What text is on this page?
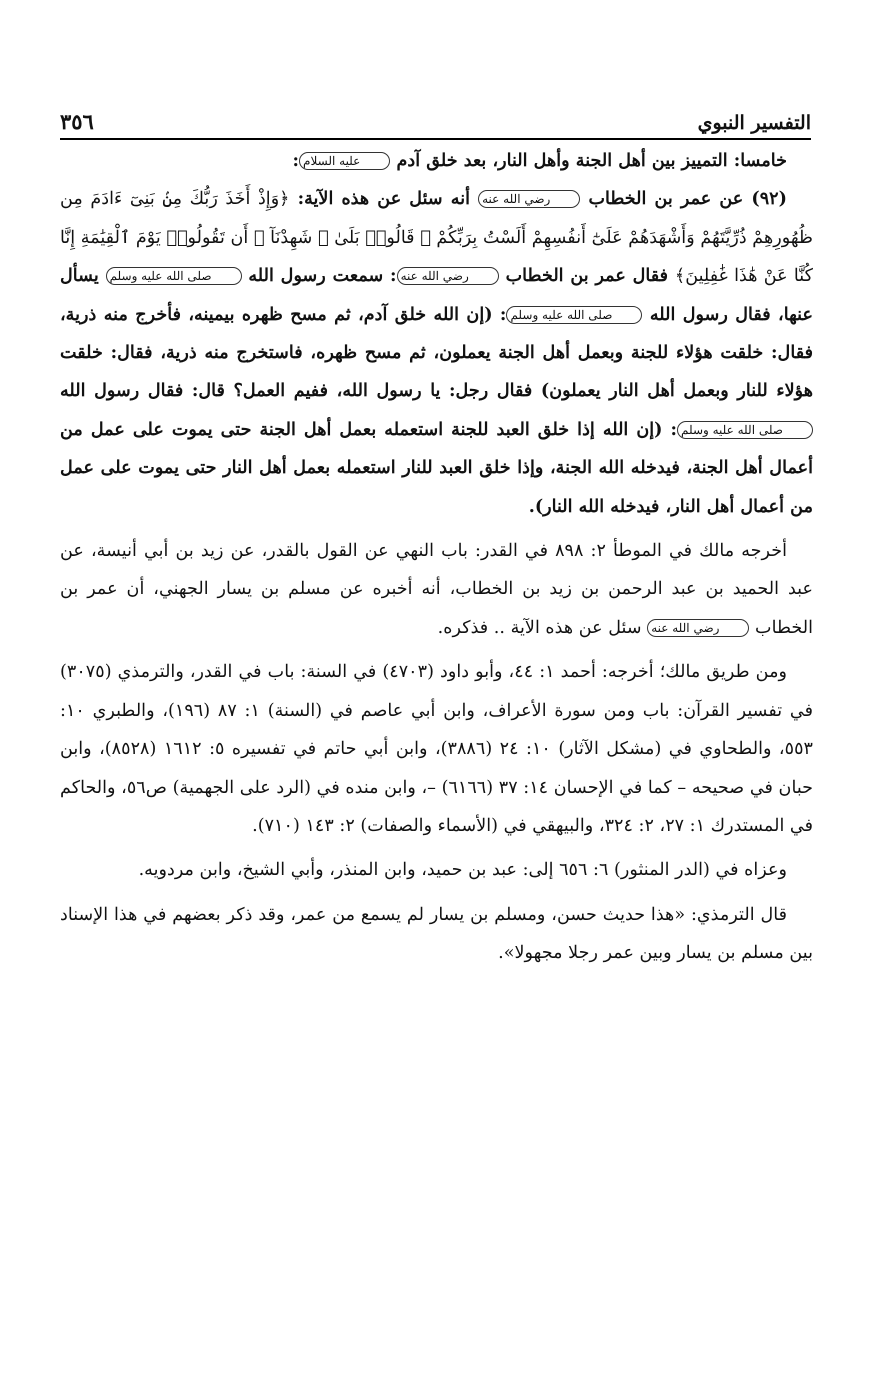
التفسير النبوي
٣٥٦

خامسا: التمييز بين أهل الجنة وأهل النار، بعد خلق آدم عليه السلام:

(٩٢) عن عمر بن الخطاب رضي الله عنه أنه سئل عن هذه الآية: ﴿وَإِذْ أَخَذَ رَبُّكَ مِنۢ بَنِىٓ ءَادَمَ مِن ظُهُورِهِمْ ذُرِّيَّتَهُمْ وَأَشْهَدَهُمْ عَلَىٰٓ أَنفُسِهِمْ أَلَسْتُ بِرَبِّكُمْ ۖ قَالُوا۟ بَلَىٰ ۛ شَهِدْنَآ ۛ أَن تَقُولُوا۟ يَوْمَ ٱلْقِيَٰمَةِ إِنَّا كُنَّا عَنْ هَٰذَا غَٰفِلِينَ﴾ فقال عمر بن الخطاب رضي الله عنه: سمعت رسول الله صلى الله عليه وسلم يسأل عنها، فقال رسول الله صلى الله عليه وسلم: (إن الله خلق آدم، ثم مسح ظهره بيمينه، فأخرج منه ذرية، فقال: خلقت هؤلاء للجنة وبعمل أهل الجنة يعملون، ثم مسح ظهره، فاستخرج منه ذرية، فقال: خلقت هؤلاء للنار وبعمل أهل النار يعملون) فقال رجل: يا رسول الله، ففيم العمل؟ قال: فقال رسول الله صلى الله عليه وسلم: (إن الله إذا خلق العبد للجنة استعمله بعمل أهل الجنة حتى يموت على عمل من أعمال أهل الجنة، فيدخله الله الجنة، وإذا خلق العبد للنار استعمله بعمل أهل النار حتى يموت على عمل من أعمال أهل النار، فيدخله الله النار).

أخرجه مالك في الموطأ ٢: ٨٩٨ في القدر: باب النهي عن القول بالقدر، عن زيد بن أبي أنيسة، عن عبد الحميد بن عبد الرحمن بن زيد بن الخطاب، أنه أخبره عن مسلم بن يسار الجهني، أن عمر بن الخطاب رضي الله عنه سئل عن هذه الآية .. فذكره.

ومن طريق مالك؛ أخرجه: أحمد ١: ٤٤، وأبو داود (٤٧٠٣) في السنة: باب في القدر، والترمذي (٣٠٧٥) في تفسير القرآن: باب ومن سورة الأعراف، وابن أبي عاصم في (السنة) ١: ٨٧ (١٩٦)، والطبري ١٠: ٥٥٣، والطحاوي في (مشكل الآثار) ١٠: ٢٤ (٣٨٨٦)، وابن أبي حاتم في تفسيره ٥: ١٦١٢ (٨٥٢٨)، وابن حبان في صحيحه – كما في الإحسان ١٤: ٣٧ (٦١٦٦) –، وابن منده في (الرد على الجهمية) ص٥٦، والحاكم في المستدرك ١: ٢٧، ٢: ٣٢٤، والبيهقي في (الأسماء والصفات) ٢: ١٤٣ (٧١٠).

وعزاه في (الدر المنثور) ٦: ٦٥٦ إلى: عبد بن حميد، وابن المنذر، وأبي الشيخ، وابن مردويه.

قال الترمذي: «هذا حديث حسن، ومسلم بن يسار لم يسمع من عمر، وقد ذكر بعضهم في هذا الإسناد بين مسلم بن يسار وبين عمر رجلا مجهولا».
